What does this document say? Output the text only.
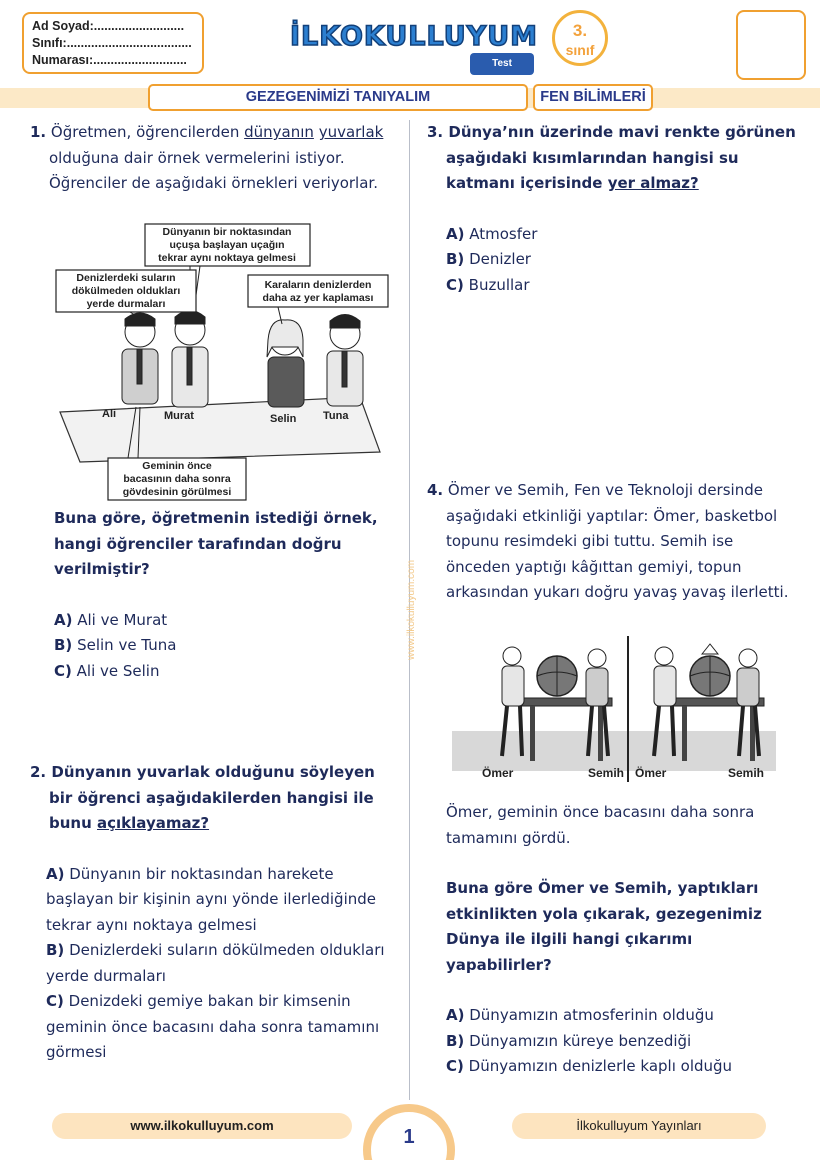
Ad Soyad:..........................
Sınıfı:....................................
Numarası:...........................
İLKOKULLUYUM
Test
3.
sınıf
GEZEGENİMİZİ TANIYALIM	FEN BİLİMLERİ
www.ilkokulluyum.com
1. Öğretmen, öğrencilerden dünyanın yuvarlak olduğuna dair örnek vermelerini istiyor. Öğrenciler de aşağıdaki örnekleri veriyorlar.
Dünyanın bir noktasından
uçuşa başlayan uçağın
tekrar aynı noktaya gelmesi
Denizlerdeki suların
dökülmeden oldukları
yerde durmaları
Karaların denizlerden
daha az yer kaplaması
Geminin önce
bacasının daha sonra
gövdesinin görülmesi
Ali	Murat	Selin Tuna
Buna göre, öğretmenin istediği örnek, hangi öğrenciler tarafından doğru verilmiştir?
A) Ali ve Murat
B) Selin ve Tuna
C) Ali ve Selin
2. Dünyanın yuvarlak olduğunu söyleyen bir öğrenci aşağıdakilerden hangisi ile bunu açıklayamaz?
A) Dünyanın bir noktasından harekete başlayan bir kişinin aynı yönde ilerlediğinde tekrar aynı noktaya gelmesi
B) Denizlerdeki suların dökülmeden oldukları yerde durmaları
C) Denizdeki gemiye bakan bir kimsenin geminin önce bacasını daha sonra tamamını görmesi
3. Dünya’nın üzerinde mavi renkte görünen aşağıdaki kısımlarından hangisi su katmanı içerisinde yer almaz?
A) Atmosfer
B) Denizler
C) Buzullar
4. Ömer ve Semih, Fen ve Teknoloji dersinde aşağıdaki etkinliği yaptılar: Ömer, basketbol topunu resimdeki gibi tuttu. Semih ise önceden yaptığı kâğıttan gemiyi, topun arkasından yukarı doğru yavaş yavaş ilerletti.
Ömer	Semih Ömer	Semih
Ömer, geminin önce bacasını daha sonra tamamını gördü.
Buna göre Ömer ve Semih, yaptıkları etkinlikten yola çıkarak, gezegenimiz Dünya ile ilgili hangi çıkarımı yapabilirler?
A) Dünyamızın atmosferinin olduğu
B) Dünyamızın küreye benzediği
C) Dünyamızın denizlerle kaplı olduğu
www.ilkokulluyum.com
1
İlkokulluyum Yayınları
